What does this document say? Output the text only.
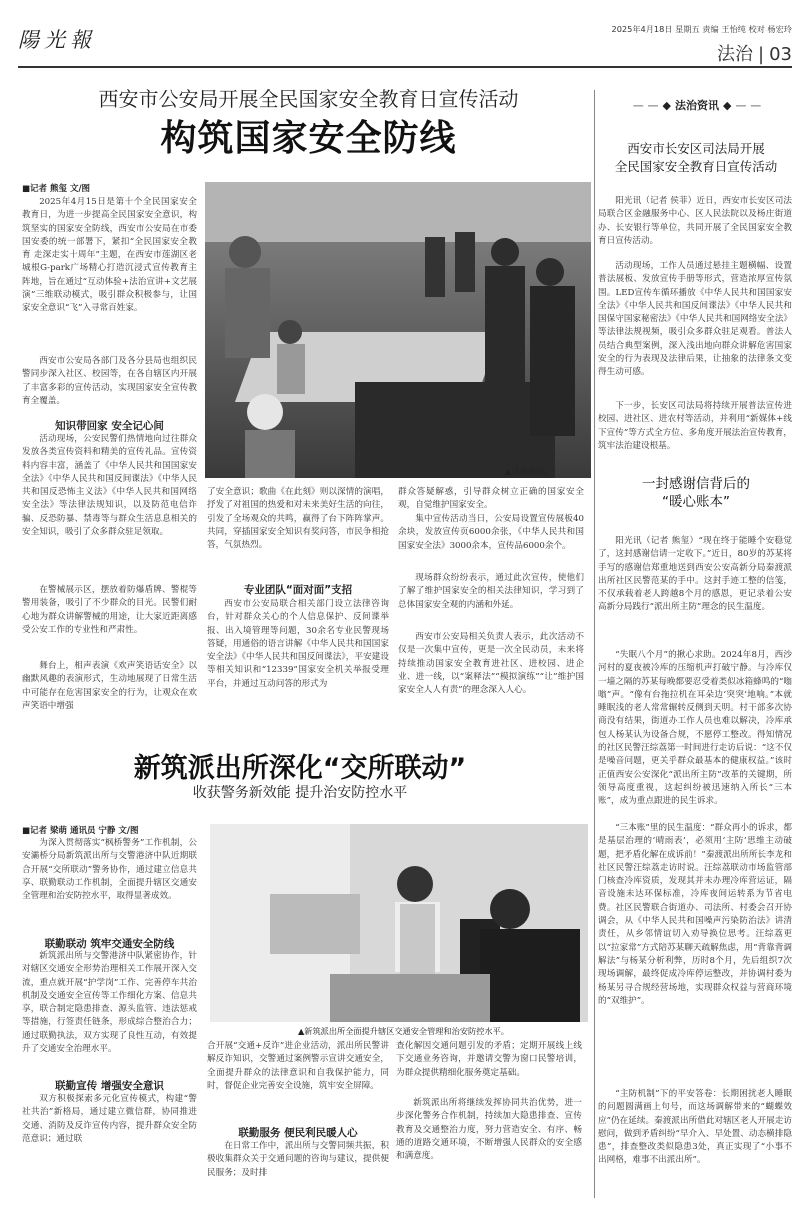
陽光報	2025年4月18日 星期五 责编 王怡纯 校对 杨宏玲
法治 | 03
西安市公安局开展全民国家安全教育日宣传活动
构筑国家安全防线
■记者 熊玺 文/图
2025年4月15日是第十个全民国家安全教育日，为进一步提高全民国家安全意识，构筑坚实的国家安全防线，西安市公安局在市委国安委的统一部署下，紧扣“全民国家安全教育 走深走实十周年”主题，在西安市莲湖区老城根G-park广场精心打造沉浸式宣传教育主阵地，旨在通过“互动体验+法治宣讲+文艺展演”三维联动模式，吸引群众积极参与，让国家安全意识“飞”入寻常百姓家。
西安市公安局各部门及各分县局也组织民警同步深入社区、校园等，在各自辖区内开展了丰富多彩的宣传活动，实现国家安全宣传教育全覆盖。
知识带回家 安全记心间
活动现场，公安民警们热情地向过往群众发放各类宣传资料和精美的宣传礼品。宣传资料内容丰富，涵盖了《中华人民共和国国家安全法》《中华人民共和国反间谍法》《中华人民共和国反恐怖主义法》《中华人民共和国网络安全法》等法律法规知识，以及防范电信诈骗、反恐防暴、禁毒等与群众生活息息相关的安全知识，吸引了众多群众驻足领取。
在警械展示区，摆放着防爆盾牌、警棍等警用装备，吸引了不少群众的目光。民警们耐心地为群众讲解警械的用途，让大家近距离感受公安工作的专业性和严肃性。
舞台上，相声表演《欢声笑语话安全》以幽默风趣的表演形式，生动地展现了日常生活中可能存在危害国家安全的行为，让观众在欢声笑语中增强
▲活动现场。
了安全意识；歌曲《在此刻》则以深情的演唱，抒发了对祖国的热爱和对未来美好生活的向往，引发了全场观众的共鸣，赢得了台下阵阵掌声。共同，穿插国家安全知识有奖问答，市民争相抢答，气氛热烈。
专业团队“面对面”支招
西安市公安局联合相关部门设立法律咨询台，针对群众关心的个人信息保护、反间谍举报、出入境管理等问题，30余名专业民警现场答疑，用通俗的语言讲解《中华人民共和国国家安全法》《中华人民共和国反间谍法》，平安建设等相关知识和“12339”国家安全机关举报受理平台，并通过互动问答的形式为
群众答疑解惑，引导群众树立正确的国家安全观，自觉维护国家安全。
集中宣传活动当日，公安局设置宣传展板40余块，发放宣传页6000余张，《中华人民共和国国家安全法》3000余本，宣传品6000余个。
现场群众纷纷表示，通过此次宣传，使他们了解了维护国家安全的相关法律知识，学习到了总体国家安全观的内涵和外延。
西安市公安局相关负责人表示，此次活动不仅是一次集中宣传，更是一次全民动员，未来将持续推动国家安全教育进社区、进校园、进企业、进一线，以“案释法”“模拟演练”“让”维护国家安全人人有责”的理念深入人心。
新筑派出所深化“交所联动”
收获警务新效能 提升治安防控水平
■记者 梁萌 通讯员 宁静 文/图
为深入贯彻落实“枫桥警务”工作机制，公安灞桥分局新筑派出所与交警港济中队近期联合开展“交所联动”警务协作，通过建立信息共享、联勤联动工作机制，全面提升辖区交通安全管理和治安防控水平，取得显著成效。
联勤联动 筑牢交通安全防线
新筑派出所与交警港济中队紧密协作，针对辖区交通安全形势治理相关工作展开深入交流，重点就开展“护学岗”工作、完善停车共治机制及交通安全宣传等工作细化方案、信息共享，联合制定隐患排查、源头监管、违法惩戒等措施，行签责任链条，形成综合整治合力；通过联勤执法，双方实现了良性互动，有效提升了交通安全治理水平。
联勤宣传 增强安全意识
双方积极探索多元化宣传模式，构建“警社共治”新格局，通过建立微信群，协同推进交通、消防及反诈宣传内容，提升群众安全防范意识；通过联
▲新筑派出所全面提升辖区交通安全管理和治安防控水平。
合开展“交通+反诈”进企业活动，派出所民警讲解反诈知识，交警通过案例警示宣讲交通安全，全面提升群众的法律意识和自我保护能力，同时，督促企业完善安全设施，筑牢安全屏障。
联勤服务 便民利民暖人心
在日常工作中，派出所与交警同频共振，积极收集群众关于交通问题的咨询与建议，提供便民服务；及时排
查化解因交通问题引发的矛盾；定期开展线上线下交通业务咨询，并邀请交警为窗口民警培训，为群众提供精细化服务奠定基础。
新筑派出所将继续发挥协同共治优势，进一步深化警务合作机制，持续加大隐患排查、宣传教育及交通整治力度，努力营造安全、有序、畅通的道路交通环境，不断增强人民群众的安全感和满意度。
— — ◆ 法治资讯 ◆ — —
西安市长安区司法局开展
全民国家安全教育日宣传活动
阳光讯（记者 侯菲）近日，西安市长安区司法局联合区金融服务中心、区人民法院以及杨庄街道办、长安银行等单位，共同开展了全民国家安全教育日宣传活动。
活动现场，工作人员通过悬挂主题横幅、设置普法展板、发放宣传手册等形式，营造浓厚宣传氛围。LED宣传车循环播放《中华人民共和国国家安全法》《中华人民共和国反间谍法》《中华人民共和国保守国家秘密法》《中华人民共和国网络安全法》等法律法规视频，吸引众多群众驻足观看。普法人员结合典型案例，深入浅出地向群众讲解危害国家安全的行为表现及法律后果，让抽象的法律条文变得生动可感。
下一步，长安区司法局将持续开展普法宣传进校园、进社区、进农村等活动，并利用“新媒体+线下宣传”等方式全方位、多角度开展法治宣传教育，筑牢法治建设根基。
一封感谢信背后的
“暖心账本”
阳光讯（记者 熊玺）“现在终于能睡个安稳觉了，这封感谢信请一定收下。”近日，80岁的苏某将手写的感谢信郑重地送到西安公安高新分局秦渡派出所社区民警范某的手中。这封手迹工整的信笺，不仅承载着老人跨越8个月的感恩，更记录着公安高新分局践行“派出所主防”理念的民生温度。
“失眠八个月”的揪心求助。2024年8月，西沙河村的夏夜被冷库的压缩机声打破宁静。与冷库仅一墙之隔的苏某每晚都要忍受着类似冰箱蜂鸣的“嗡嗡”声。“像有台拖拉机在耳朵边‘突突’地响。”本就睡眠浅的老人常常辗转反侧到天明。村干部多次协商没有结果，街道办工作人员也难以解决，冷库承包人杨某认为设备合规，不愿停工整改。得知情况的社区民警汪综荔第一时间进行走访后说：“这不仅是噪音问题，更关乎群众最基本的健康权益。”该时正值西安公安深化“派出所主防”改革的关键期，所领导高度重视，这起纠纷被迅速纳入所长“三本账”，成为重点跟进的民生诉求。
“三本账”里的民生温度：“群众再小的诉求，都是基层治理的‘晴雨表’，必须用‘主防’思维主动破题，把矛盾化解在成诉前！”秦渡派出所所长李龙和社区民警汪综荔走访时说。汪综荔联动市场监管部门核查冷库资质，发现其并未办理冷库营运证，隔音设施未达环保标准，冷库夜间运转系为节省电费。社区民警联合街道办、司法所、村委会召开协调会，从《中华人民共和国噪声污染防治法》讲清责任，从乡邻情谊切入劝导换位思考。汪综荔更以“拉家常”方式陪苏某聊天疏解焦虑，用“背靠背调解法”与杨某分析利弊，历时8个月，先后组织7次现场调解，最终促成冷库停运整改，并协调村委为杨某另寻合规经营场地，实现群众权益与营商环境的“双维护”。
“主防机制”下的平安答卷：长期困扰老人睡眠的问题圆满画上句号，而这场调解带来的“蝴蝶效应”仍在延续。秦渡派出所借此对辖区老人开展走访慰问，做到矛盾纠纷“早介入、早处置、动态横排隐患”，排查整改类似隐患3处，真正实现了“小事不出网格，难事不出派出所”。
